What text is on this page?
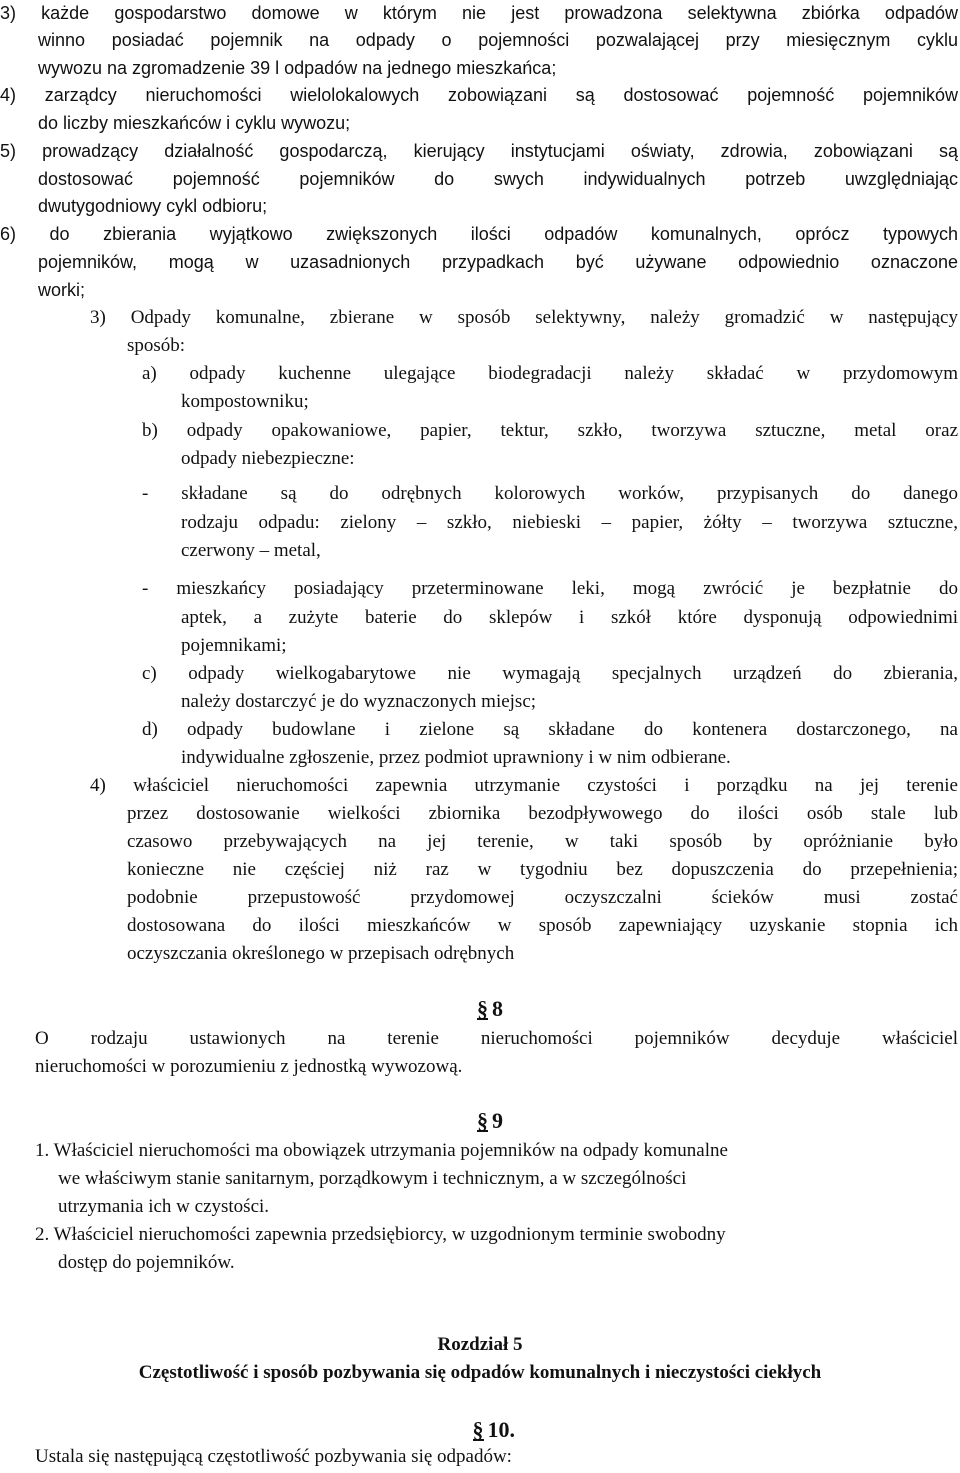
3) każde gospodarstwo domowe w którym nie jest prowadzona selektywna zbiórka odpadów
winno posiadać pojemnik na odpady o pojemności pozwalającej przy miesięcznym cyklu
wywozu na zgromadzenie 39 l odpadów na jednego mieszkańca;
4) zarządcy nieruchomości wielolokalowych zobowiązani są dostosować pojemność pojemników
do liczby mieszkańców i cyklu wywozu;
5) prowadzący działalność gospodarczą, kierujący instytucjami oświaty, zdrowia, zobowiązani są
dostosować pojemność pojemników do swych indywidualnych potrzeb uwzględniając
dwutygodniowy cykl odbioru;
6) do zbierania wyjątkowo zwiększonych ilości odpadów komunalnych, oprócz typowych
pojemników, mogą w uzasadnionych przypadkach być używane odpowiednio oznaczone
worki;
3) Odpady komunalne, zbierane w sposób selektywny, należy gromadzić w następujący
sposób:
a) odpady kuchenne ulegające biodegradacji należy składać w przydomowym
kompostowniku;
b) odpady opakowaniowe, papier, tektur, szkło, tworzywa sztuczne, metal oraz
odpady niebezpieczne:
- składane są do odrębnych kolorowych worków, przypisanych do danego
rodzaju odpadu: zielony – szkło, niebieski – papier, żółty – tworzywa sztuczne,
czerwony – metal,
- mieszkańcy posiadający przeterminowane leki, mogą zwrócić je bezpłatnie do
aptek, a zużyte baterie do sklepów i szkół które dysponują odpowiednimi
pojemnikami;
c) odpady wielkogabarytowe nie wymagają specjalnych urządzeń do zbierania,
należy dostarczyć je do wyznaczonych miejsc;
d) odpady budowlane i zielone są składane do kontenera dostarczonego, na
indywidualne zgłoszenie, przez podmiot uprawniony i w nim odbierane.
4) właściciel nieruchomości zapewnia utrzymanie czystości i porządku na jej terenie
przez dostosowanie wielkości zbiornika bezodpływowego do ilości osób stale lub
czasowo przebywających na jej terenie, w taki sposób by opróżnianie było
konieczne nie częściej niż raz w tygodniu bez dopuszczenia do przepełnienia;
podobnie przepustowość przydomowej oczyszczalni ścieków musi zostać
dostosowana do ilości mieszkańców w sposób zapewniający uzyskanie stopnia ich
oczyszczania określonego w przepisach odrębnych
§ 8
O rodzaju ustawionych na terenie nieruchomości pojemników decyduje właściciel
nieruchomości w porozumieniu z jednostką wywozową.
§ 9
1. Właściciel nieruchomości ma obowiązek utrzymania pojemników na odpady komunalne
we właściwym stanie sanitarnym, porządkowym i technicznym, a w szczególności
utrzymania ich w czystości.
2. Właściciel nieruchomości zapewnia przedsiębiorcy, w uzgodnionym terminie swobodny
dostęp do pojemników.
Rozdział 5
Częstotliwość i sposób pozbywania się odpadów komunalnych i nieczystości ciekłych
§ 10.
Ustala się następującą częstotliwość pozbywania się odpadów:
